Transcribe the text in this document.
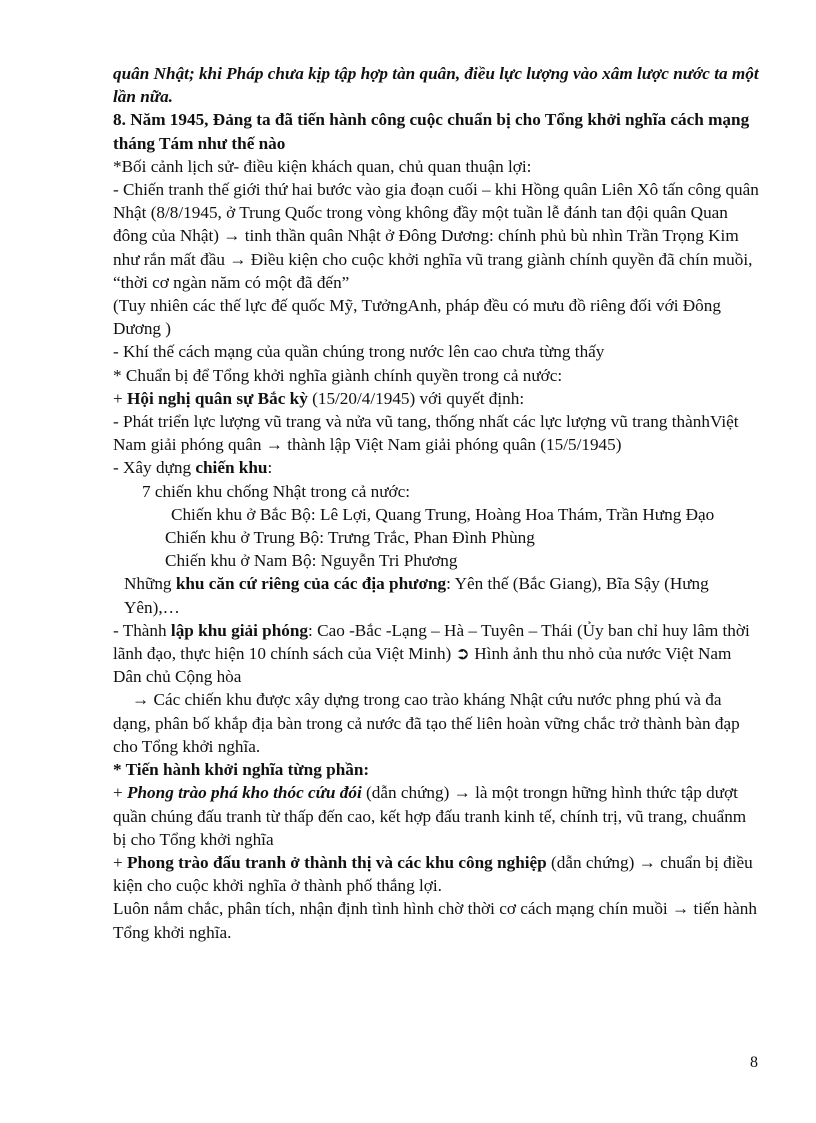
quân Nhật; khi Pháp chưa kịp tập hợp tàn quân, điều lực lượng vào xâm lược nước ta một lần nữa.

8. Năm 1945, Đảng ta đã tiến hành công cuộc chuẩn bị cho Tổng khởi nghĩa cách mạng tháng Tám như thế nào

*Bối cảnh lịch sử- điều kiện khách quan, chủ quan thuận lợi:

- Chiến tranh thế giới thứ hai bước vào gia đoạn cuối – khi Hồng quân Liên Xô tấn công quân Nhật (8/8/1945, ở Trung Quốc trong vòng không đầy một tuần lễ đánh tan đội quân Quan đông của Nhật) → tinh thần quân Nhật ở Đông Dương: chính phủ bù nhìn Trần Trọng Kim như rắn mất đầu → Điều kiện cho cuộc khởi nghĩa vũ trang giành chính quyền đã chín muồi, “thời cơ ngàn năm có một đã đến”

(Tuy nhiên các thế lực đế quốc Mỹ, TưởngAnh, pháp đều có mưu đồ riêng đối với Đông Dương )

- Khí thế cách mạng của quần chúng trong nước lên cao chưa từng thấy

* Chuẩn bị để Tổng khởi nghĩa giành chính quyền trong cả nước:

+ Hội nghị quân sự Bắc kỳ (15/20/4/1945) với quyết định:

- Phát triển lực lượng vũ trang và nửa vũ tang, thống nhất các lực lượng vũ trang thànhViệt Nam giải phóng quân → thành lập Việt Nam giải phóng quân (15/5/1945)

- Xây dựng chiến khu:

7 chiến khu chống Nhật trong cả nước:

Chiến khu ở Bắc Bộ: Lê Lợi, Quang Trung, Hoàng Hoa Thám, Trần Hưng Đạo

Chiến khu ở Trung Bộ: Trưng Trắc, Phan Đình Phùng

Chiến khu ở Nam Bộ: Nguyễn Tri Phương

Những khu căn cứ riêng của các địa phương: Yên thế (Bắc Giang), Bĩa Sậy (Hưng Yên),…

- Thành lập khu giải phóng: Cao -Bắc -Lạng – Hà – Tuyên – Thái (Ủy ban chỉ huy lâm thời lãnh đạo, thực hiện 10 chính sách của Việt Minh) ➲ Hình ảnh thu nhỏ của nước Việt Nam Dân chủ Cộng hòa

→ Các chiến khu được xây dựng trong cao trào kháng Nhật cứu nước phng phú và đa dạng, phân bố khắp địa bàn trong cả nước đã tạo thế liên hoàn vững chắc trở thành bàn đạp cho Tổng khởi nghĩa.

* Tiến hành khởi nghĩa từng phần:

+ Phong trào phá kho thóc cứu đói (dẫn chứng) → là một trongn hững hình thức tập dượt quần chúng đấu tranh từ thấp đến cao, kết hợp đấu tranh kinh tế, chính trị, vũ trang, chuẩnm bị cho Tổng khởi nghĩa

+ Phong trào đấu tranh ở thành thị và các khu công nghiệp (dẫn chứng) → chuẩn bị điều kiện cho cuộc khởi nghĩa ở thành phố thắng lợi.

Luôn nắm chắc, phân tích, nhận định tình hình chờ thời cơ cách mạng chín muồi → tiến hành Tổng khởi nghĩa.

8
